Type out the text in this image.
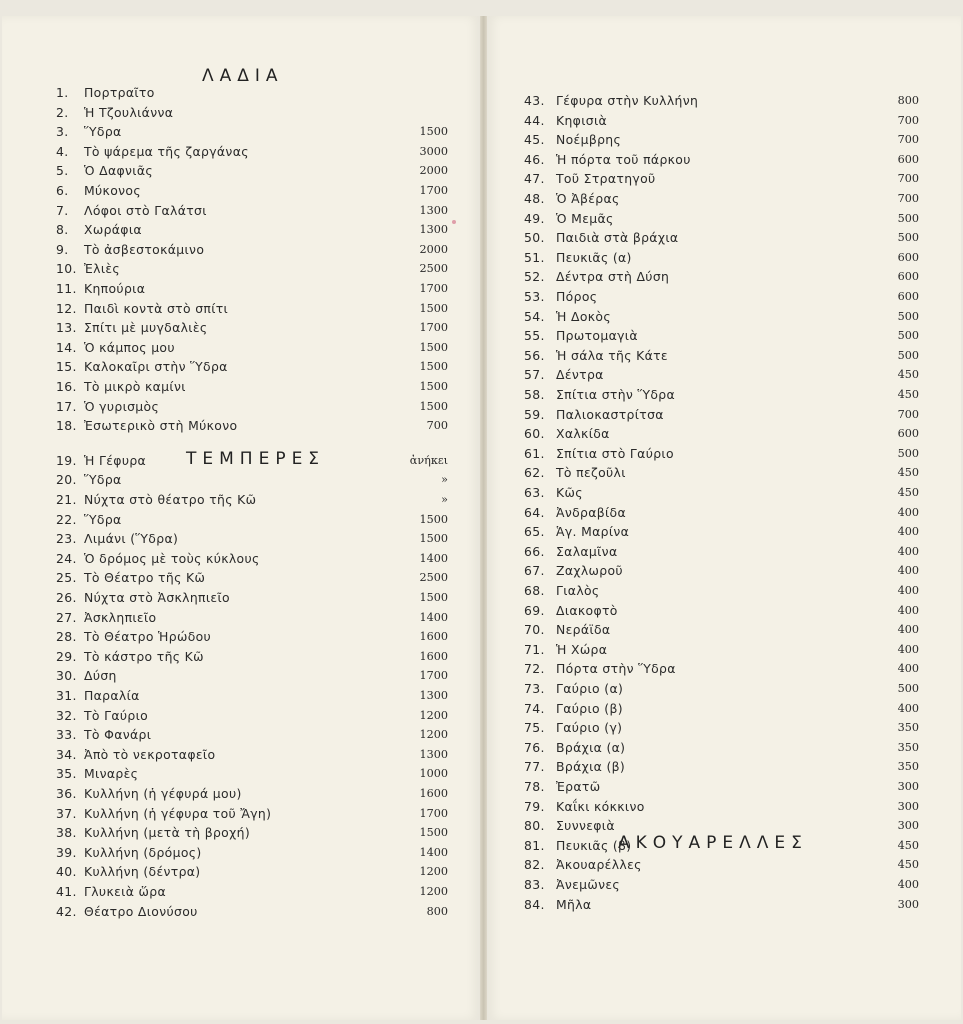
ΛΑΔΙΑ
ΤΕΜΠΕΡΕΣ
1. Πορτραῖτο
2. Ἡ Τζουλιάννα
3. Ὕδρα	1500
4. Τὸ ψάρεμα τῆς ζαργάνας	3000
5. Ὁ Δαφνιᾶς	2000
6. Μύκονος	1700
7. Λόφοι στὸ Γαλάτσι	1300
8. Χωράφια	1300
9. Τὸ ἀσβεστοκάμινο	2000
10. Ἐλιὲς	2500
11. Κηπούρια	1700
12. Παιδὶ κοντὰ στὸ σπίτι	1500
13. Σπίτι μὲ μυγδαλιὲς	1700
14. Ὁ κάμπος μου	1500
15. Καλοκαῖρι στὴν Ὕδρα	1500
16. Τὸ μικρὸ καμίνι	1500
17. Ὁ γυρισμὸς	1500
18. Ἐσωτερικὸ στὴ Μύκονο	700
19. Ἡ Γέφυρα	ἀνήκει
20. Ὕδρα	»
21. Νύχτα στὸ θέατρο τῆς Κῶ	»
22. Ὕδρα	1500
23. Λιμάνι (Ὕδρα)	1500
24. Ὁ δρόμος μὲ τοὺς κύκλους	1400
25. Τὸ Θέατρο τῆς Κῶ	2500
26. Νύχτα στὸ Ἀσκληπιεῖο	1500
27. Ἀσκληπιεῖο	1400
28. Τὸ Θέατρο Ἡρώδου	1600
29. Τὸ κάστρο τῆς Κῶ	1600
30. Δύση	1700
31. Παραλία	1300
32. Τὸ Γαύριο	1200
33. Τὸ Φανάρι	1200
34. Ἀπὸ τὸ νεκροταφεῖο	1300
35. Μιναρὲς	1000
36. Κυλλήνη (ἡ γέφυρά μου)	1600
37. Κυλλήνη (ἡ γέφυρα τοῦ Ἄγη)	1700
38. Κυλλήνη (μετὰ τὴ βροχή)	1500
39. Κυλλήνη (δρόμος)	1400
40. Κυλλήνη (δέντρα)	1200
41. Γλυκειὰ ὥρα	1200
42. Θέατρο Διονύσου	800
ΑΚΟΥΑΡΕΛΛΕΣ
43. Γέφυρα στὴν Κυλλήνη	800
44. Κηφισιὰ	700
45. Νοέμβρης	700
46. Ἡ πόρτα τοῦ πάρκου	600
47. Τοῦ Στρατηγοῦ	700
48. Ὁ Ἀβέρας	700
49. Ὁ Μεμᾶς	500
50. Παιδιὰ στὰ βράχια	500
51. Πευκιᾶς (α)	600
52. Δέντρα στὴ Δύση	600
53. Πόρος	600
54. Ἡ Δοκὸς	500
55. Πρωτομαγιὰ	500
56. Ἡ σάλα τῆς Κάτε	500
57. Δέντρα	450
58. Σπίτια στὴν Ὕδρα	450
59. Παλιοκαστρίτσα	700
60. Χαλκίδα	600
61. Σπίτια στὸ Γαύριο	500
62. Τὸ πεζοῦλι	450
63. Κῶς	450
64. Ἀνδραβίδα	400
65. Ἁγ. Μαρίνα	400
66. Σαλαμῖνα	400
67. Ζαχλωροῦ	400
68. Γιαλὸς	400
69. Διακοφτὸ	400
70. Νεράϊδα	400
71. Ἡ Χώρα	400
72. Πόρτα στὴν Ὕδρα	400
73. Γαύριο (α)	500
74. Γαύριο (β)	400
75. Γαύριο (γ)	350
76. Βράχια (α)	350
77. Βράχια (β)	350
78. Ἐρατῶ	300
79. Καΐκι κόκκινο	300
80. Συννεφιὰ	300
81. Πευκιᾶς (β)	450
82. Ἀκουαρέλλες	450
83. Ἀνεμῶνες	400
84. Μῆλα	300
